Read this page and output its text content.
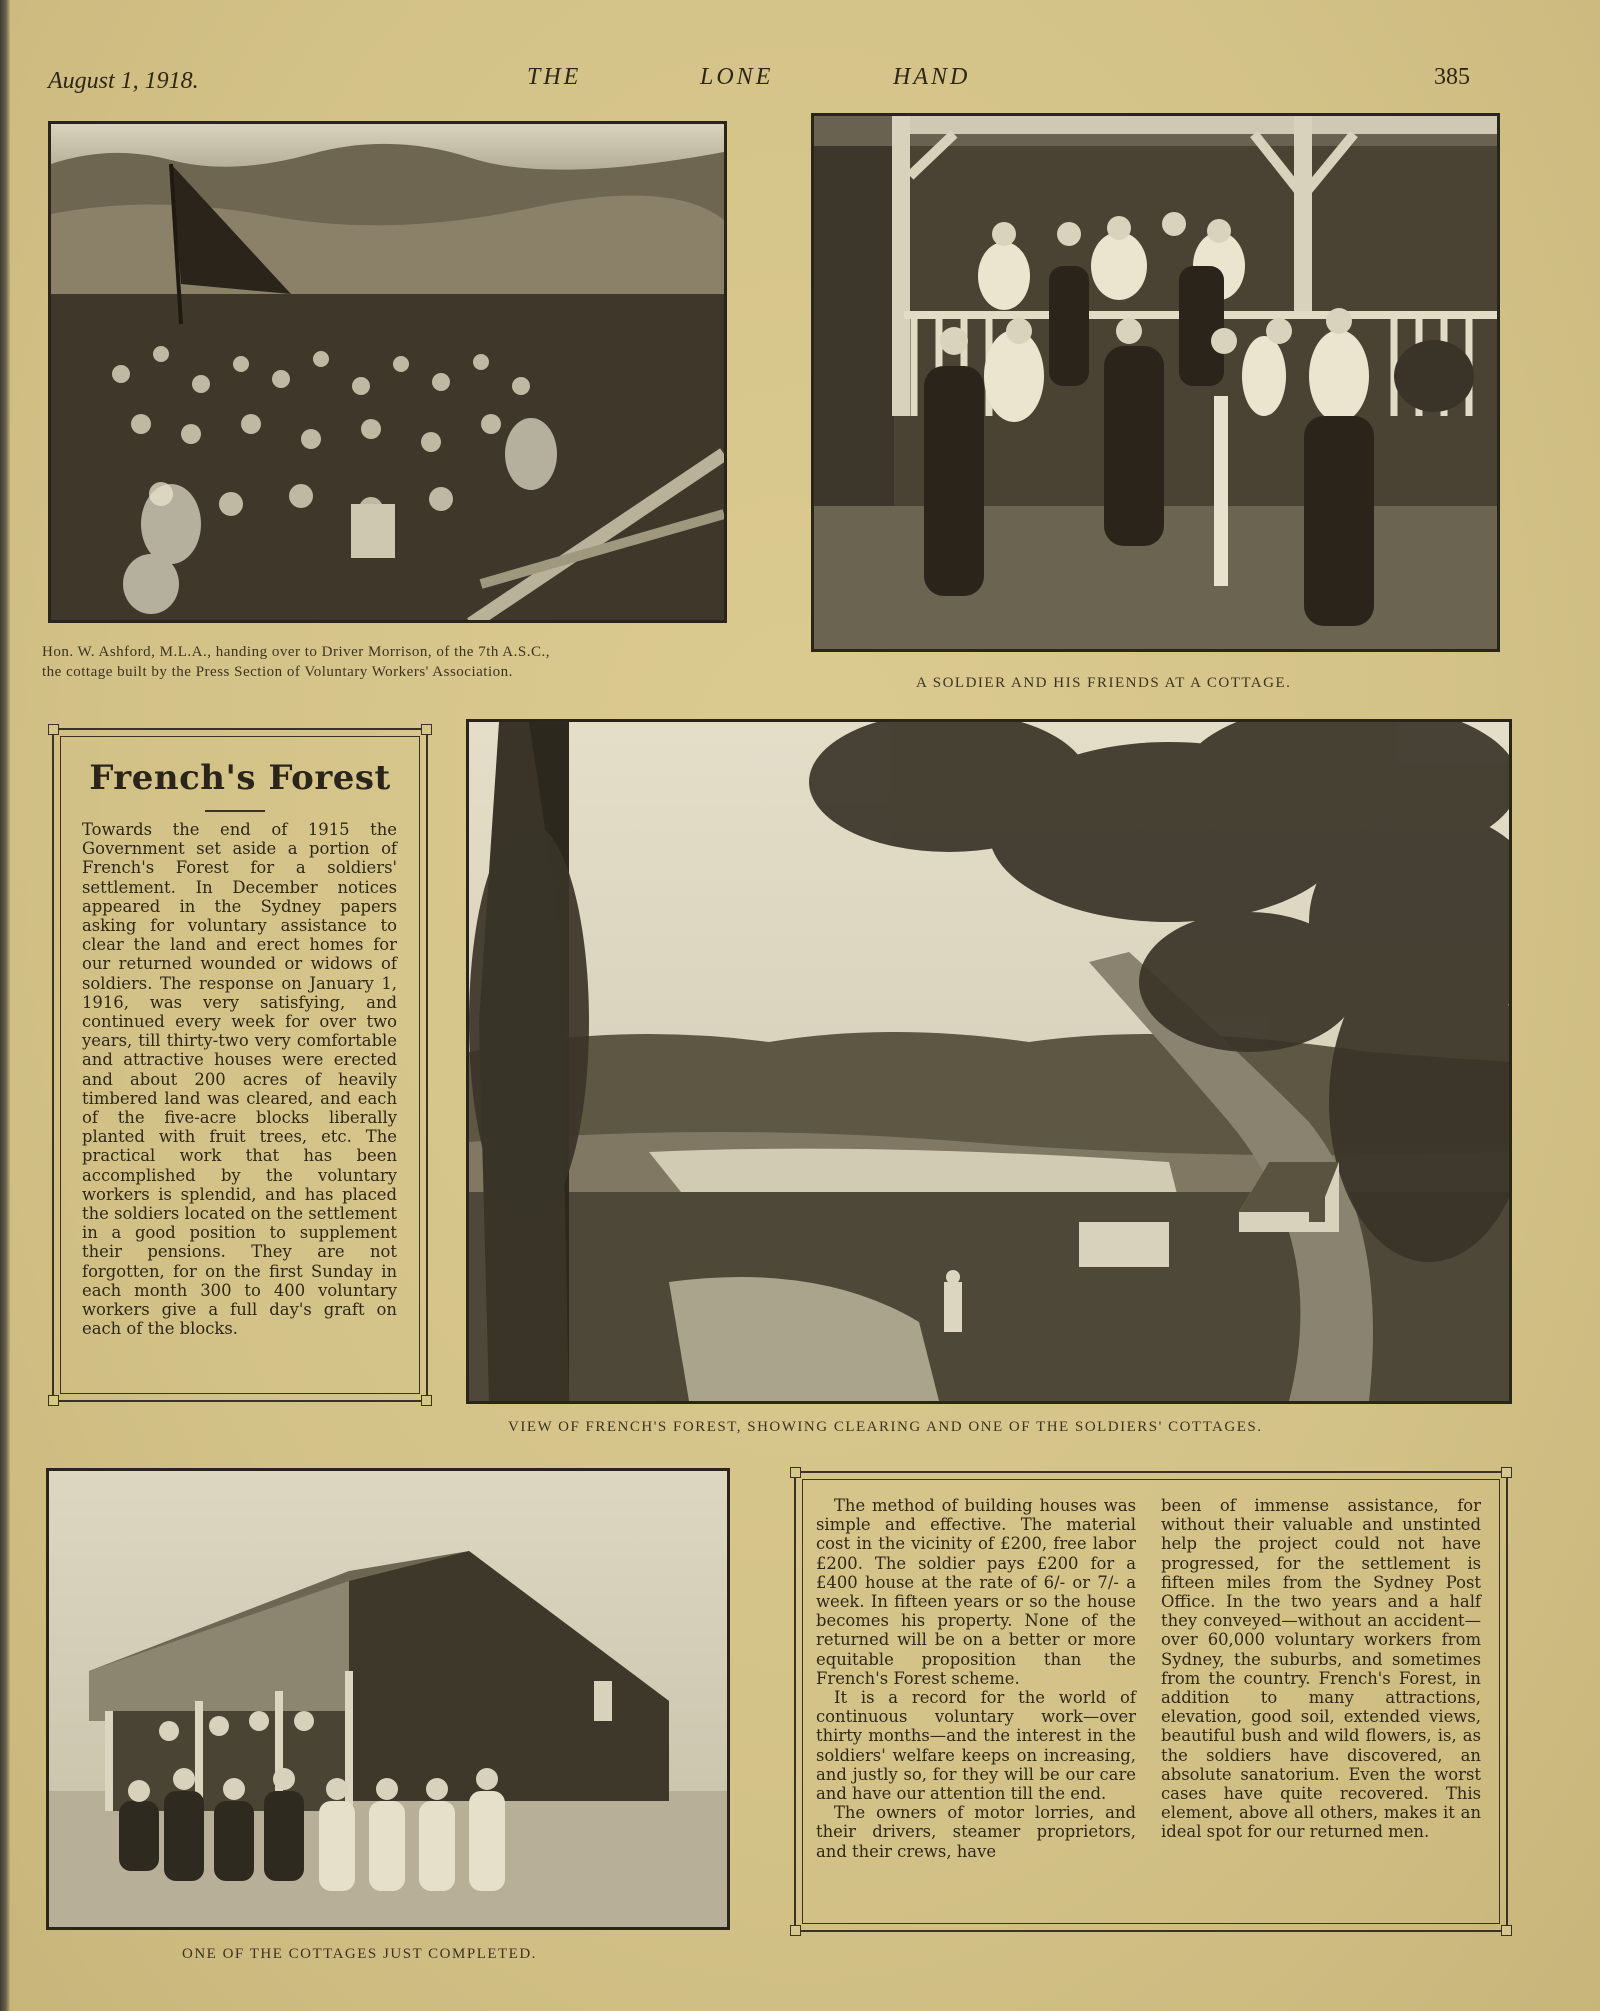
August 1, 1918.	THE	LONE	HAND	385
Hon. W. Ashford, M.L.A., handing over to Driver Morrison, of the 7th A.S.C.,
the cottage built by the Press Section of Voluntary Workers' Association.
A SOLDIER AND HIS FRIENDS AT A COTTAGE.
French's Forest

Towards the end of 1915 the Government set aside a portion of French's Forest for a soldiers' settlement. In December notices appeared in the Sydney papers asking for voluntary assistance to clear the land and erect homes for our returned wounded or widows of soldiers. The response on January 1, 1916, was very satisfying, and continued every week for over two years, till thirty-two very comfortable and attractive houses were erected and about 200 acres of heavily timbered land was cleared, and each of the five-acre blocks liberally planted with fruit trees, etc. The practical work that has been accomplished by the voluntary workers is splendid, and has placed the soldiers located on the settlement in a good position to supplement their pensions. They are not forgotten, for on the first Sunday in each month 300 to 400 voluntary workers give a full day's graft on each of the blocks.

VIEW OF FRENCH'S FOREST, SHOWING CLEARING AND ONE OF THE SOLDIERS' COTTAGES.
ONE OF THE COTTAGES JUST COMPLETED.

The method of building houses was simple and effective. The material cost in the vicinity of £200, free labor £200. The soldier pays £200 for a £400 house at the rate of 6/- or 7/- a week. In fifteen years or so the house becomes his property. None of the returned will be on a better or more equitable proposition than the French's Forest scheme.

It is a record for the world of continuous voluntary work—over thirty months—and the interest in the soldiers' welfare keeps on increasing, and justly so, for they will be our care and have our attention till the end.

The owners of motor lorries, and their drivers, steamer proprietors, and their crews, have

been of immense assistance, for without their valuable and unstinted help the project could not have progressed, for the settlement is fifteen miles from the Sydney Post Office. In the two years and a half they conveyed—without an accident—over 60,000 voluntary workers from Sydney, the suburbs, and sometimes from the country. French's Forest, in addition to many attractions, elevation, good soil, extended views, beautiful bush and wild flowers, is, as the soldiers have discovered, an absolute sanatorium. Even the worst cases have quite recovered. This element, above all others, makes it an ideal spot for our returned men.
